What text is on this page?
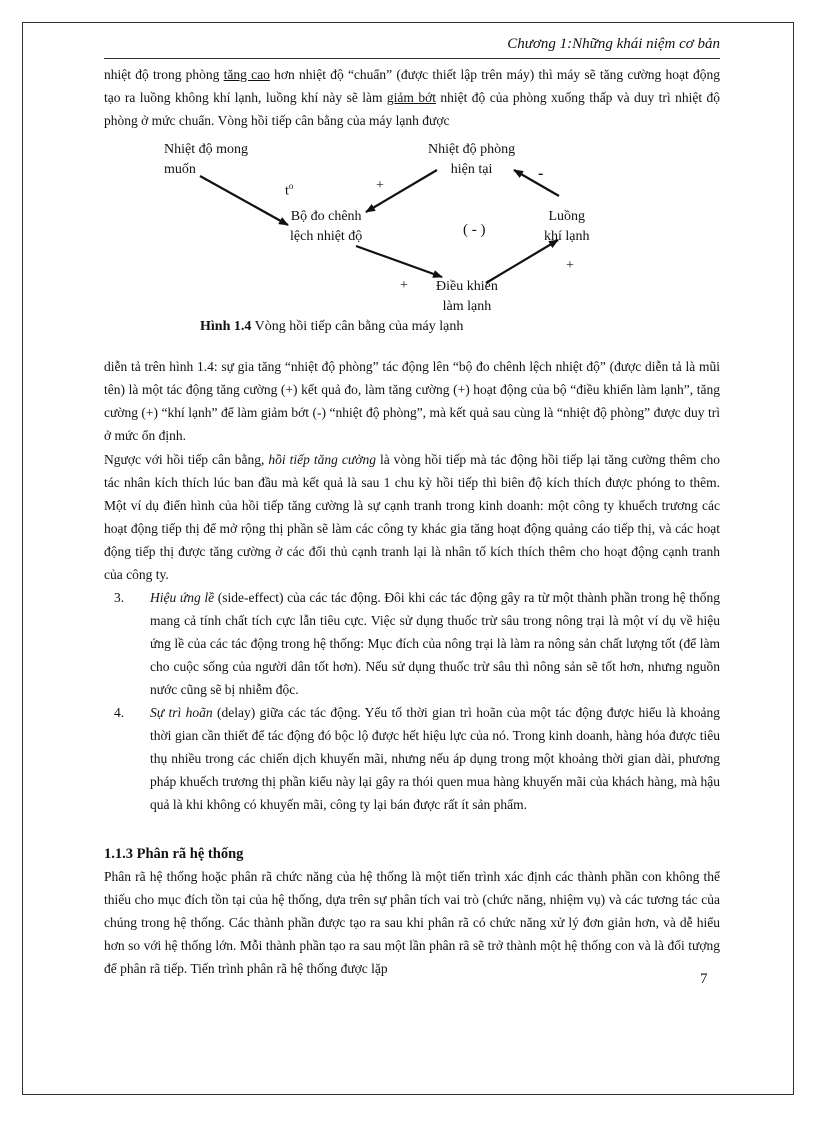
Chương 1:Những khái niệm cơ bản

nhiệt độ trong phòng tăng cao hơn nhiệt độ “chuẩn” (được thiết lập trên máy) thì máy sẽ tăng cường hoạt động tạo ra luồng không khí lạnh, luồng khí này sẽ làm giảm bớt nhiệt độ của phòng xuống thấp và duy trì nhiệt độ phòng ở mức chuẩn. Vòng hồi tiếp cân bằng của máy lạnh được

Nhiệt độ mong
muốn
Nhiệt độ phòng
hiện tại
Bộ đo chênh
lệch nhiệt độ
Luồng
khí lạnh
Điều khiển
làm lạnh
( - )
$t^o$	+
-
+
+
Hình 1.4 Vòng hồi tiếp cân bằng của máy lạnh

diễn tả trên hình 1.4: sự gia tăng “nhiệt độ phòng” tác động lên “bộ đo chênh lệch nhiệt độ” (được diễn tả là mũi tên) là một tác động tăng cường (+) kết quả đo, làm tăng cường (+) hoạt động của bộ “điều khiển làm lạnh”, tăng cường (+) “khí lạnh” để làm giảm bớt (-) “nhiệt độ phòng”, mà kết quả sau cùng là “nhiệt độ phòng” được duy trì ở mức ổn định.

Ngược với hồi tiếp cân bằng, hồi tiếp tăng cường là vòng hồi tiếp mà tác động hồi tiếp lại tăng cường thêm cho tác nhân kích thích lúc ban đầu mà kết quả là sau 1 chu kỳ hồi tiếp thì biên độ kích thích được phóng to thêm. Một ví dụ điển hình của hồi tiếp tăng cường là sự cạnh tranh trong kinh doanh: một công ty khuếch trương các hoạt động tiếp thị để mở rộng thị phần sẽ làm các công ty khác gia tăng hoạt động quảng cáo tiếp thị, và các hoạt động tiếp thị được tăng cường ở các đối thủ cạnh tranh lại là nhân tố kích thích thêm cho hoạt động cạnh tranh của công ty.

3. Hiệu ứng lề (side-effect) của các tác động. Đôi khi các tác động gây ra từ một thành phần trong hệ thống mang cả tính chất tích cực lẫn tiêu cực. Việc sử dụng thuốc trừ sâu trong nông trại là một ví dụ về hiệu ứng lề của các tác động trong hệ thống: Mục đích của nông trại là làm ra nông sản chất lượng tốt (để làm cho cuộc sống của người dân tốt hơn). Nếu sử dụng thuốc trừ sâu thì nông sản sẽ tốt hơn, nhưng nguồn nước cũng sẽ bị nhiễm độc.
4. Sự trì hoãn (delay) giữa các tác động. Yếu tố thời gian trì hoãn của một tác động được hiểu là khoảng thời gian cần thiết để tác động đó bộc lộ được hết hiệu lực của nó. Trong kinh doanh, hàng hóa được tiêu thụ nhiều trong các chiến dịch khuyến mãi, nhưng nếu áp dụng trong một khoảng thời gian dài, phương pháp khuếch trương thị phần kiểu này lại gây ra thói quen mua hàng khuyến mãi của khách hàng, mà hậu quả là khi không có khuyến mãi, công ty lại bán được rất ít sản phẩm.

1.1.3 Phân rã hệ thống

Phân rã hệ thống hoặc phân rã chức năng của hệ thống là một tiến trình xác định các thành phần con không thể thiếu cho mục đích tồn tại của hệ thống, dựa trên sự phân tích vai trò (chức năng, nhiệm vụ) và các tương tác của chúng trong hệ thống. Các thành phần được tạo ra sau khi phân rã có chức năng xử lý đơn giản hơn, và dễ hiểu hơn so với hệ thống lớn. Mỗi thành phần tạo ra sau một lần phân rã sẽ trở thành một hệ thống con và là đối tượng để phân rã tiếp. Tiến trình phân rã hệ thống được lặp

7
